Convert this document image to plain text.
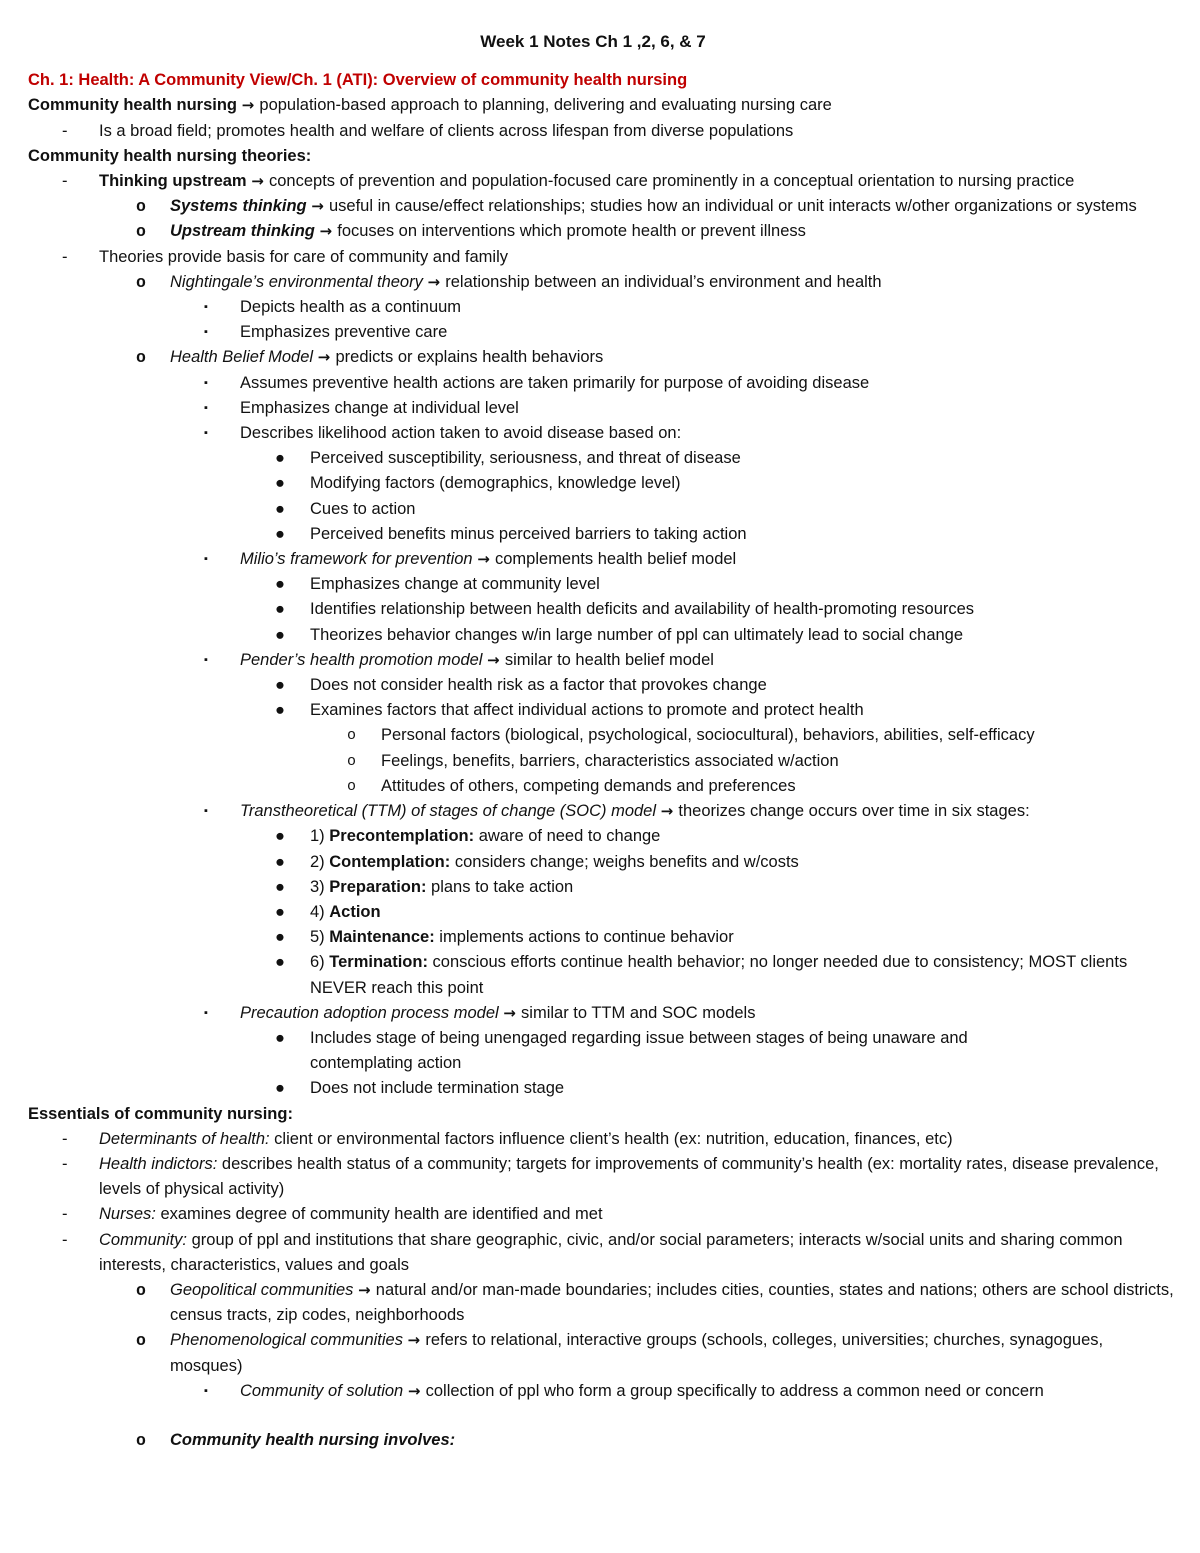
Week 1 Notes Ch 1 ,2, 6, & 7
Ch. 1: Health: A Community View/Ch. 1 (ATI): Overview of community health nursing
Community health nursing → population-based approach to planning, delivering and evaluating nursing care
- Is a broad field; promotes health and welfare of clients across lifespan from diverse populations
Community health nursing theories:
- Thinking upstream → concepts of prevention and population-focused care prominently in a conceptual orientation to nursing practice
o Systems thinking → useful in cause/effect relationships; studies how an individual or unit interacts w/other organizations or systems
o Upstream thinking → focuses on interventions which promote health or prevent illness
- Theories provide basis for care of community and family
o Nightingale’s environmental theory → relationship between an individual’s environment and health
▪ Depicts health as a continuum
▪ Emphasizes preventive care
o Health Belief Model → predicts or explains health behaviors
▪ Assumes preventive health actions are taken primarily for purpose of avoiding disease
▪ Emphasizes change at individual level
▪ Describes likelihood action taken to avoid disease based on:
● Perceived susceptibility, seriousness, and threat of disease
● Modifying factors (demographics, knowledge level)
● Cues to action
● Perceived benefits minus perceived barriers to taking action
▪ Milio’s framework for prevention → complements health belief model
● Emphasizes change at community level
● Identifies relationship between health deficits and availability of health-promoting resources
● Theorizes behavior changes w/in large number of ppl can ultimately lead to social change
▪ Pender’s health promotion model → similar to health belief model
● Does not consider health risk as a factor that provokes change
● Examines factors that affect individual actions to promote and protect health
o Personal factors (biological, psychological, sociocultural), behaviors, abilities, self-efficacy
o Feelings, benefits, barriers, characteristics associated w/action
o Attitudes of others, competing demands and preferences
▪ Transtheoretical (TTM) of stages of change (SOC) model → theorizes change occurs over time in six stages:
● 1) Precontemplation: aware of need to change
● 2) Contemplation: considers change; weighs benefits and w/costs
● 3) Preparation: plans to take action
● 4) Action
● 5) Maintenance: implements actions to continue behavior
● 6) Termination: conscious efforts continue health behavior; no longer needed due to consistency; MOST clients NEVER reach this point
▪ Precaution adoption process model → similar to TTM and SOC models
● Includes stage of being unengaged regarding issue between stages of being unaware and contemplating action
● Does not include termination stage
Essentials of community nursing:
- Determinants of health: client or environmental factors influence client’s health (ex: nutrition, education, finances, etc)
- Health indictors: describes health status of a community; targets for improvements of community’s health (ex: mortality rates, disease prevalence, levels of physical activity)
- Nurses: examines degree of community health are identified and met
- Community: group of ppl and institutions that share geographic, civic, and/or social parameters; interacts w/social units and sharing common interests, characteristics, values and goals
o Geopolitical communities → natural and/or man-made boundaries; includes cities, counties, states and nations; others are school districts, census tracts, zip codes, neighborhoods
o Phenomenological communities → refers to relational, interactive groups (schools, colleges, universities; churches, synagogues, mosques)
▪ Community of solution → collection of ppl who form a group specifically to address a common need or concern
o Community health nursing involves:
